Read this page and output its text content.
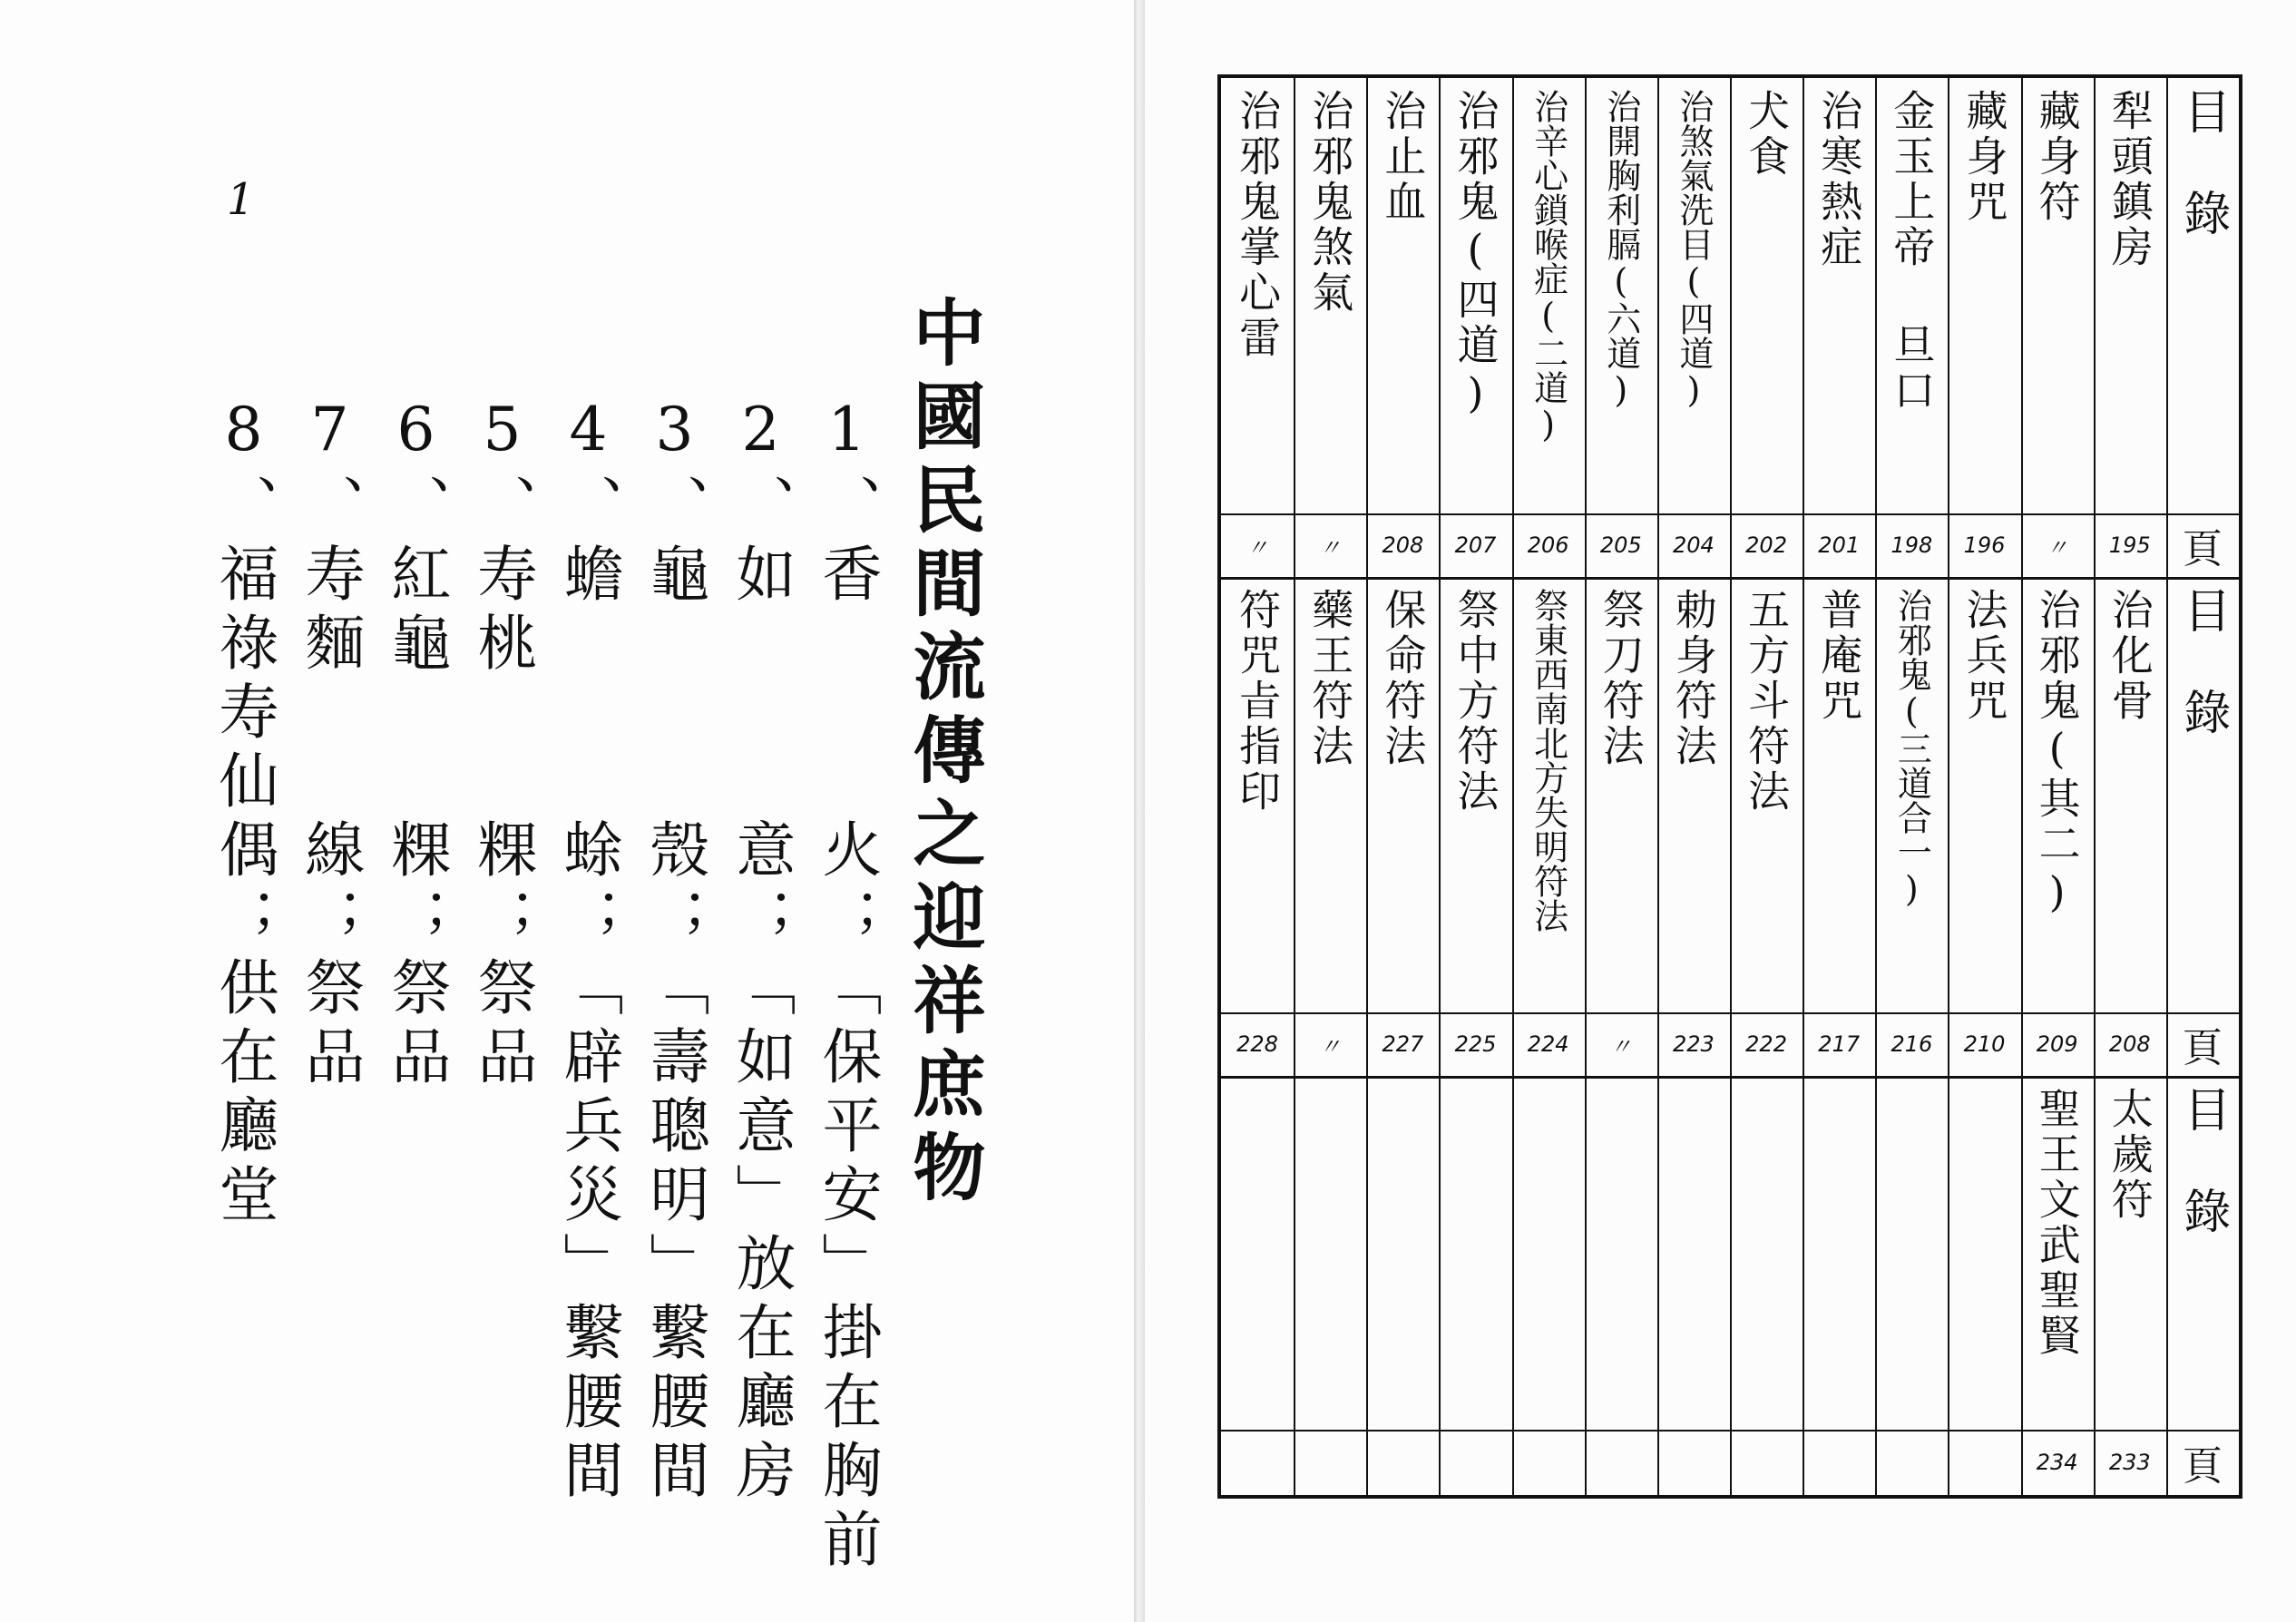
1
中國民間流傳之迎祥庶物
1、香　　　火；「保平安」掛在胸前
2、如　　　意；「如意」放在廳房
3、龜　　　殼；「壽聰明」繫腰間
4、蟾　　　蜍；「辟兵災」繫腰間
5、寿桃　　粿；祭品
6、紅龜　　粿；祭品
7、寿麵　　線；祭品
8、福祿寿仙偶；供在廳堂
目錄
頁
犁頭鎮房
195
藏身符
〃
藏身咒
196
金玉上帝 旦口
198
治寒熱症
201
犬食
202
治煞氣洗目(四道)
204
治開胸利膈(六道)
205
治辛心鎖喉症(二道)
206
治邪鬼(四道)
207
治止血
208
治邪鬼煞氣
〃
治邪鬼掌心雷
〃
目錄
頁
治化骨
208
治邪鬼(其二)
209
法兵咒
210
治邪鬼(三道合一)
216
普庵咒
217
五方斗符法
222
勅身符法
223
祭刀符法
〃
祭東西南北方失明符法
224
祭中方符法
225
保命符法
227
藥王符法
〃
符咒㫖指印
228
目錄
頁
太歲符
233
聖王文武聖賢
234
